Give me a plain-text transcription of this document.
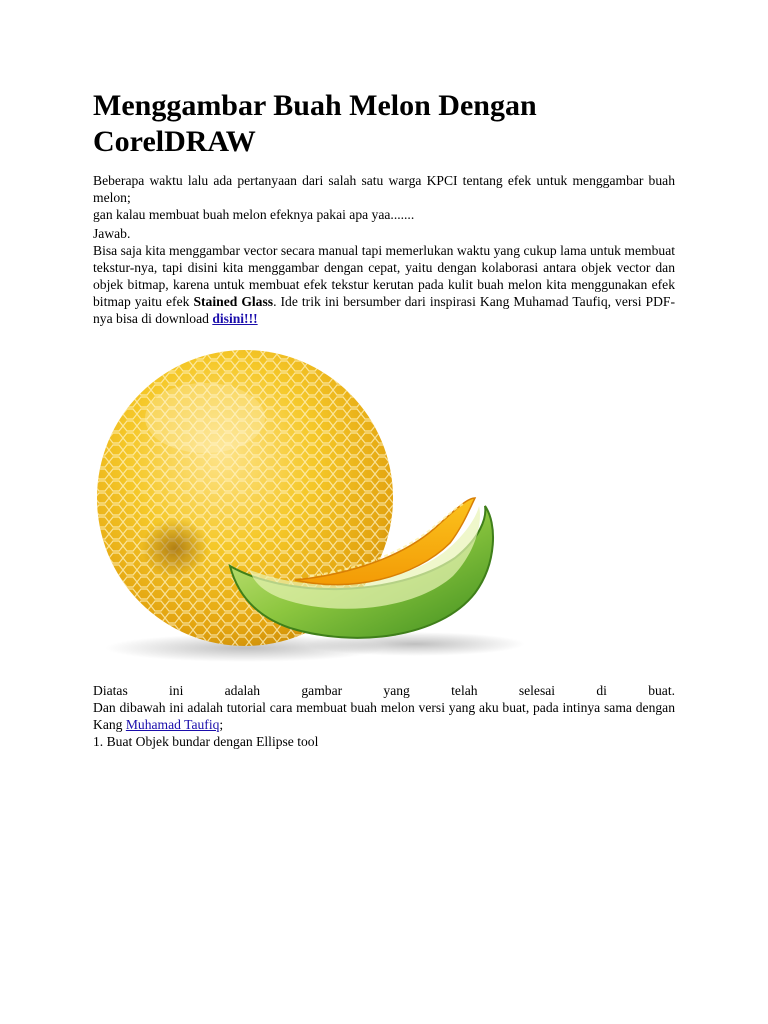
Menggambar Buah Melon Dengan CorelDRAW

Beberapa waktu lalu ada pertanyaan dari salah satu warga KPCI tentang efek untuk menggambar buah melon;
gan kalau membuat buah melon efeknya pakai apa yaa.......

Jawab.
Bisa saja kita menggambar vector secara manual tapi memerlukan waktu yang cukup lama untuk membuat tekstur-nya, tapi disini kita menggambar dengan cepat, yaitu dengan kolaborasi antara objek vector dan objek bitmap, karena untuk membuat efek tekstur kerutan pada kulit buah melon kita menggunakan efek bitmap yaitu efek Stained Glass. Ide trik ini bersumber dari inspirasi Kang Muhamad Taufiq, versi PDF-nya bisa di download disini!!!

Diatas ini adalah gambar yang telah selesai di buat.
Dan dibawah ini adalah tutorial cara membuat buah melon versi yang aku buat, pada intinya sama dengan Kang Muhamad Taufiq;
1. Buat Objek bundar dengan Ellipse tool
